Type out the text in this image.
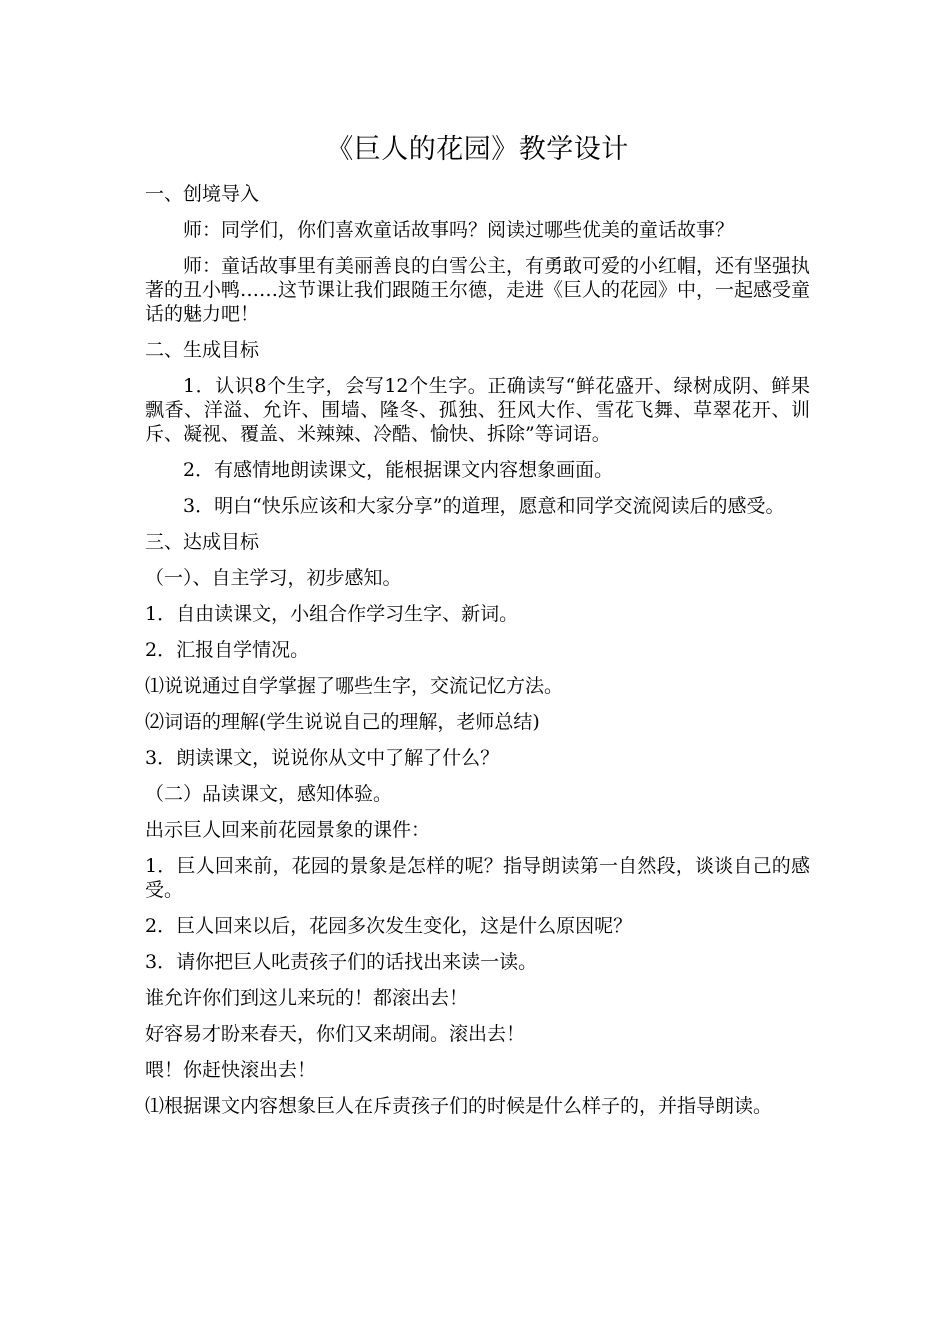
《巨人的花园》教学设计

一、创境导入

师：同学们，你们喜欢童话故事吗？阅读过哪些优美的童话故事？

师：童话故事里有美丽善良的白雪公主，有勇敢可爱的小红帽，还有坚强执著的丑小鸭……这节课让我们跟随王尔德，走进《巨人的花园》中，一起感受童话的魅力吧！

二、生成目标

1．认识8个生字，会写12个生字。正确读写“鲜花盛开、绿树成阴、鲜果飘香、洋溢、允许、围墙、隆冬、孤独、狂风大作、雪花飞舞、草翠花开、训斥、凝视、覆盖、米辣辣、冷酷、愉快、拆除”等词语。

2．有感情地朗读课文，能根据课文内容想象画面。

3．明白“快乐应该和大家分享”的道理，愿意和同学交流阅读后的感受。

三、达成目标

（一）、自主学习，初步感知。

1．自由读课文，小组合作学习生字、新词。

2．汇报自学情况。

⑴说说通过自学掌握了哪些生字，交流记忆方法。

⑵词语的理解(学生说说自己的理解，老师总结)

3．朗读课文，说说你从文中了解了什么？

（二）品读课文，感知体验。

出示巨人回来前花园景象的课件：

1．巨人回来前，花园的景象是怎样的呢？指导朗读第一自然段，谈谈自己的感受。

2．巨人回来以后，花园多次发生变化，这是什么原因呢？

3．请你把巨人叱责孩子们的话找出来读一读。

谁允许你们到这儿来玩的！都滚出去！

好容易才盼来春天，你们又来胡闹。滚出去！

喂！你赶快滚出去！

⑴根据课文内容想象巨人在斥责孩子们的时候是什么样子的，并指导朗读。
